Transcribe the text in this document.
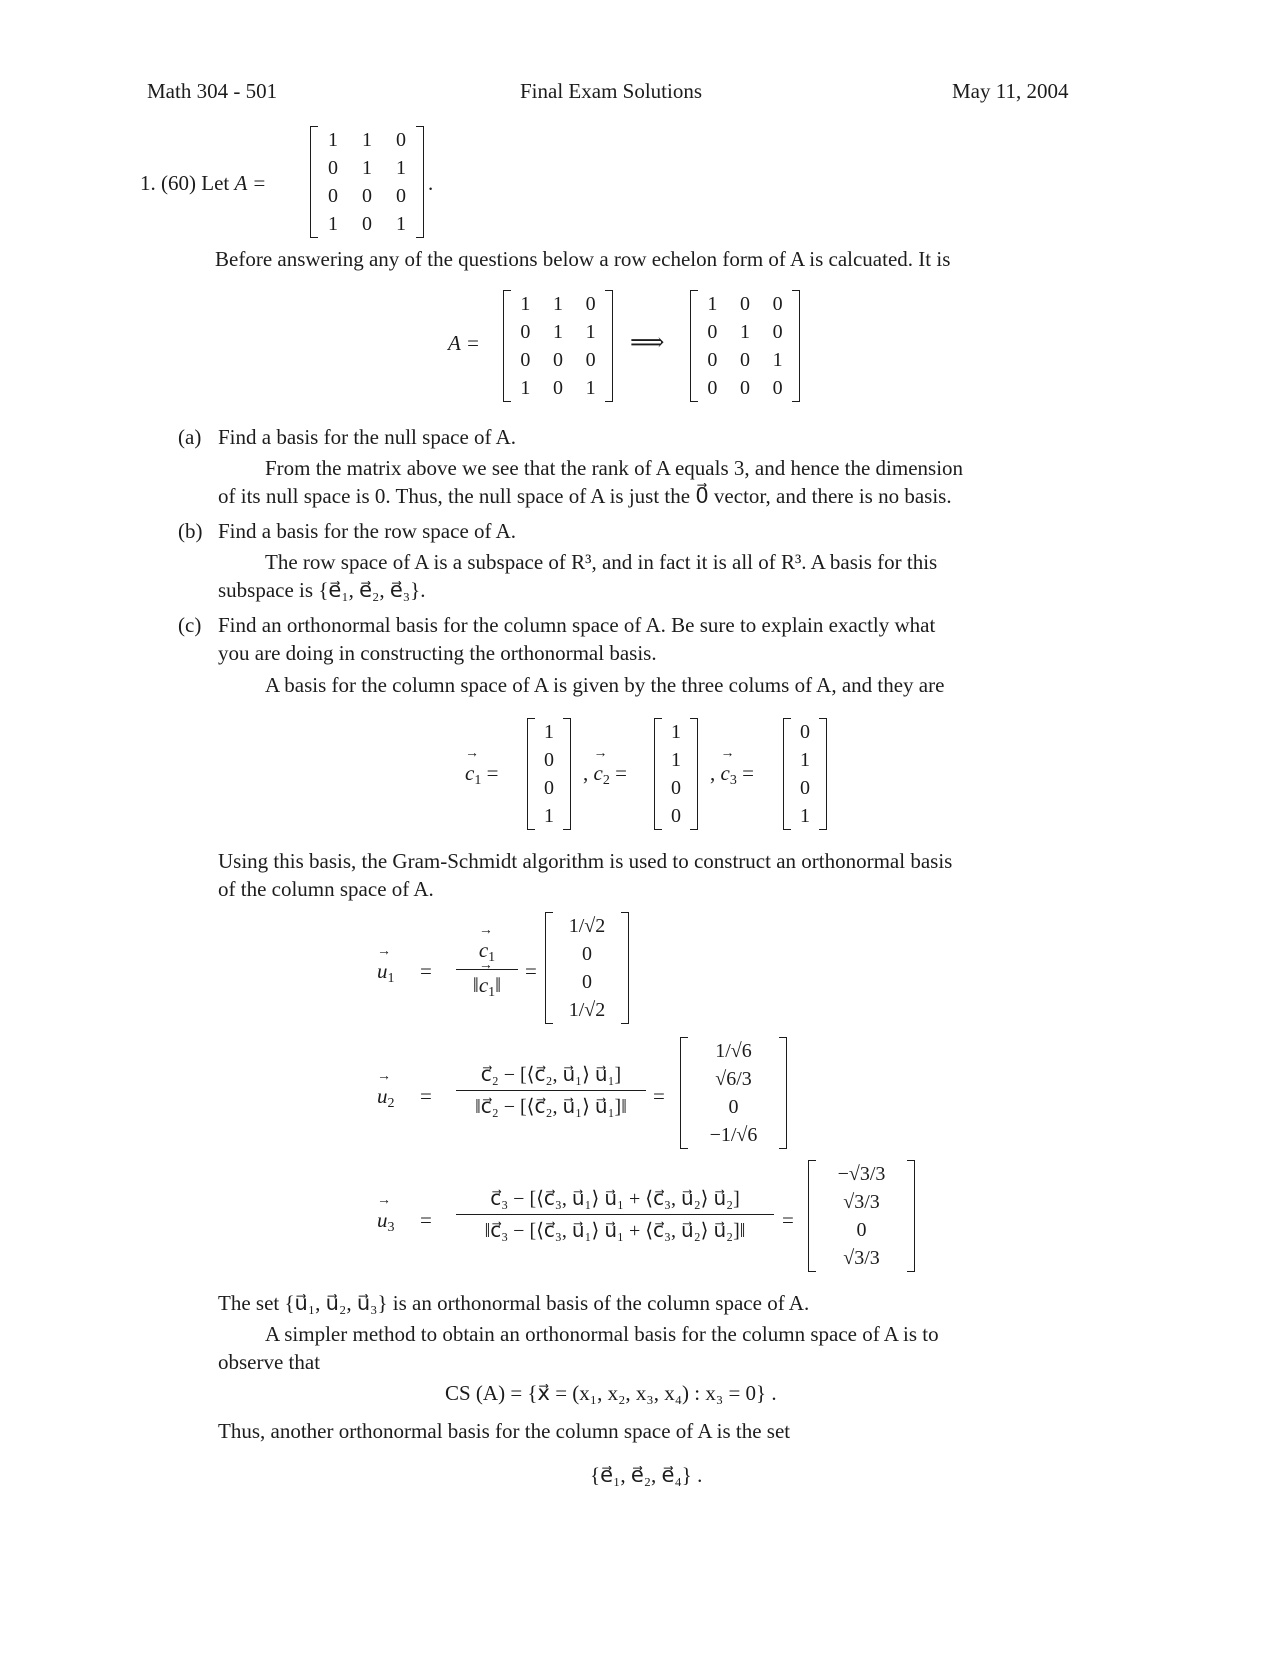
Math 304 - 501	Final Exam Solutions	May 11, 2004
1. (60) Let A =
1	1	0
0	1	1
0	0	0
1	0	1
.
Before answering any of the questions below a row echelon form of A is calcuated. It is
A =
1	1	0
0	1	1
0	0	0
1	0	1
⟹
1	0	0
0	1	0
0	0	1
0	0	0
(a) Find a basis for the null space of A.
From the matrix above we see that the rank of A equals 3, and hence the dimension
of its null space is 0. Thus, the null space of A is just the 0⃗ vector, and there is no basis.
(b) Find a basis for the row space of A.
The row space of A is a subspace of R³, and in fact it is all of R³. A basis for this
subspace is {e⃗₁, e⃗₂, e⃗₃}.
(c) Find an orthonormal basis for the column space of A. Be sure to explain exactly what
you are doing in constructing the orthonormal basis.
A basis for the column space of A is given by the three colums of A, and they are
→ $c_1$ =
1
0
0
1
, → $c_2$ =
1
1
0
0
, → $c_3$ =
0
1
0
1
Using this basis, the Gram-Schmidt algorithm is used to construct an orthonormal basis
of the column space of A.
→ $u_1$ =
→ $\frac{c_1}{‖\to c_1‖}$ =
1/√2
0
0
1/√2
→ $u_2 = \frac{\text{c⃗₂ − [⟨c⃗₂, u⃗₁⟩ u⃗₁]}}{\text{‖c⃗₂ − [⟨c⃗₂, u⃗₁⟩ u⃗₁]‖}}$ =
1/√6
√6/3
0
−1/√6
→ $u_3 = \frac{\text{c⃗₃ − [⟨c⃗₃, u⃗₁⟩ u⃗₁ + ⟨c⃗₃, u⃗₂⟩ u⃗₂]}}{\text{‖c⃗₃ − [⟨c⃗₃, u⃗₁⟩ u⃗₁ + ⟨c⃗₃, u⃗₂⟩ u⃗₂]‖}}$ =
−√3/3
√3/3
0
√3/3
The set {u⃗₁, u⃗₂, u⃗₃} is an orthonormal basis of the column space of A.
A simpler method to obtain an orthonormal basis for the column space of A is to
observe that
CS (A) = {x⃗ = (x₁, x₂, x₃, x₄) : x₃ = 0} .
Thus, another orthonormal basis for the column space of A is the set
{e⃗₁, e⃗₂, e⃗₄} .
